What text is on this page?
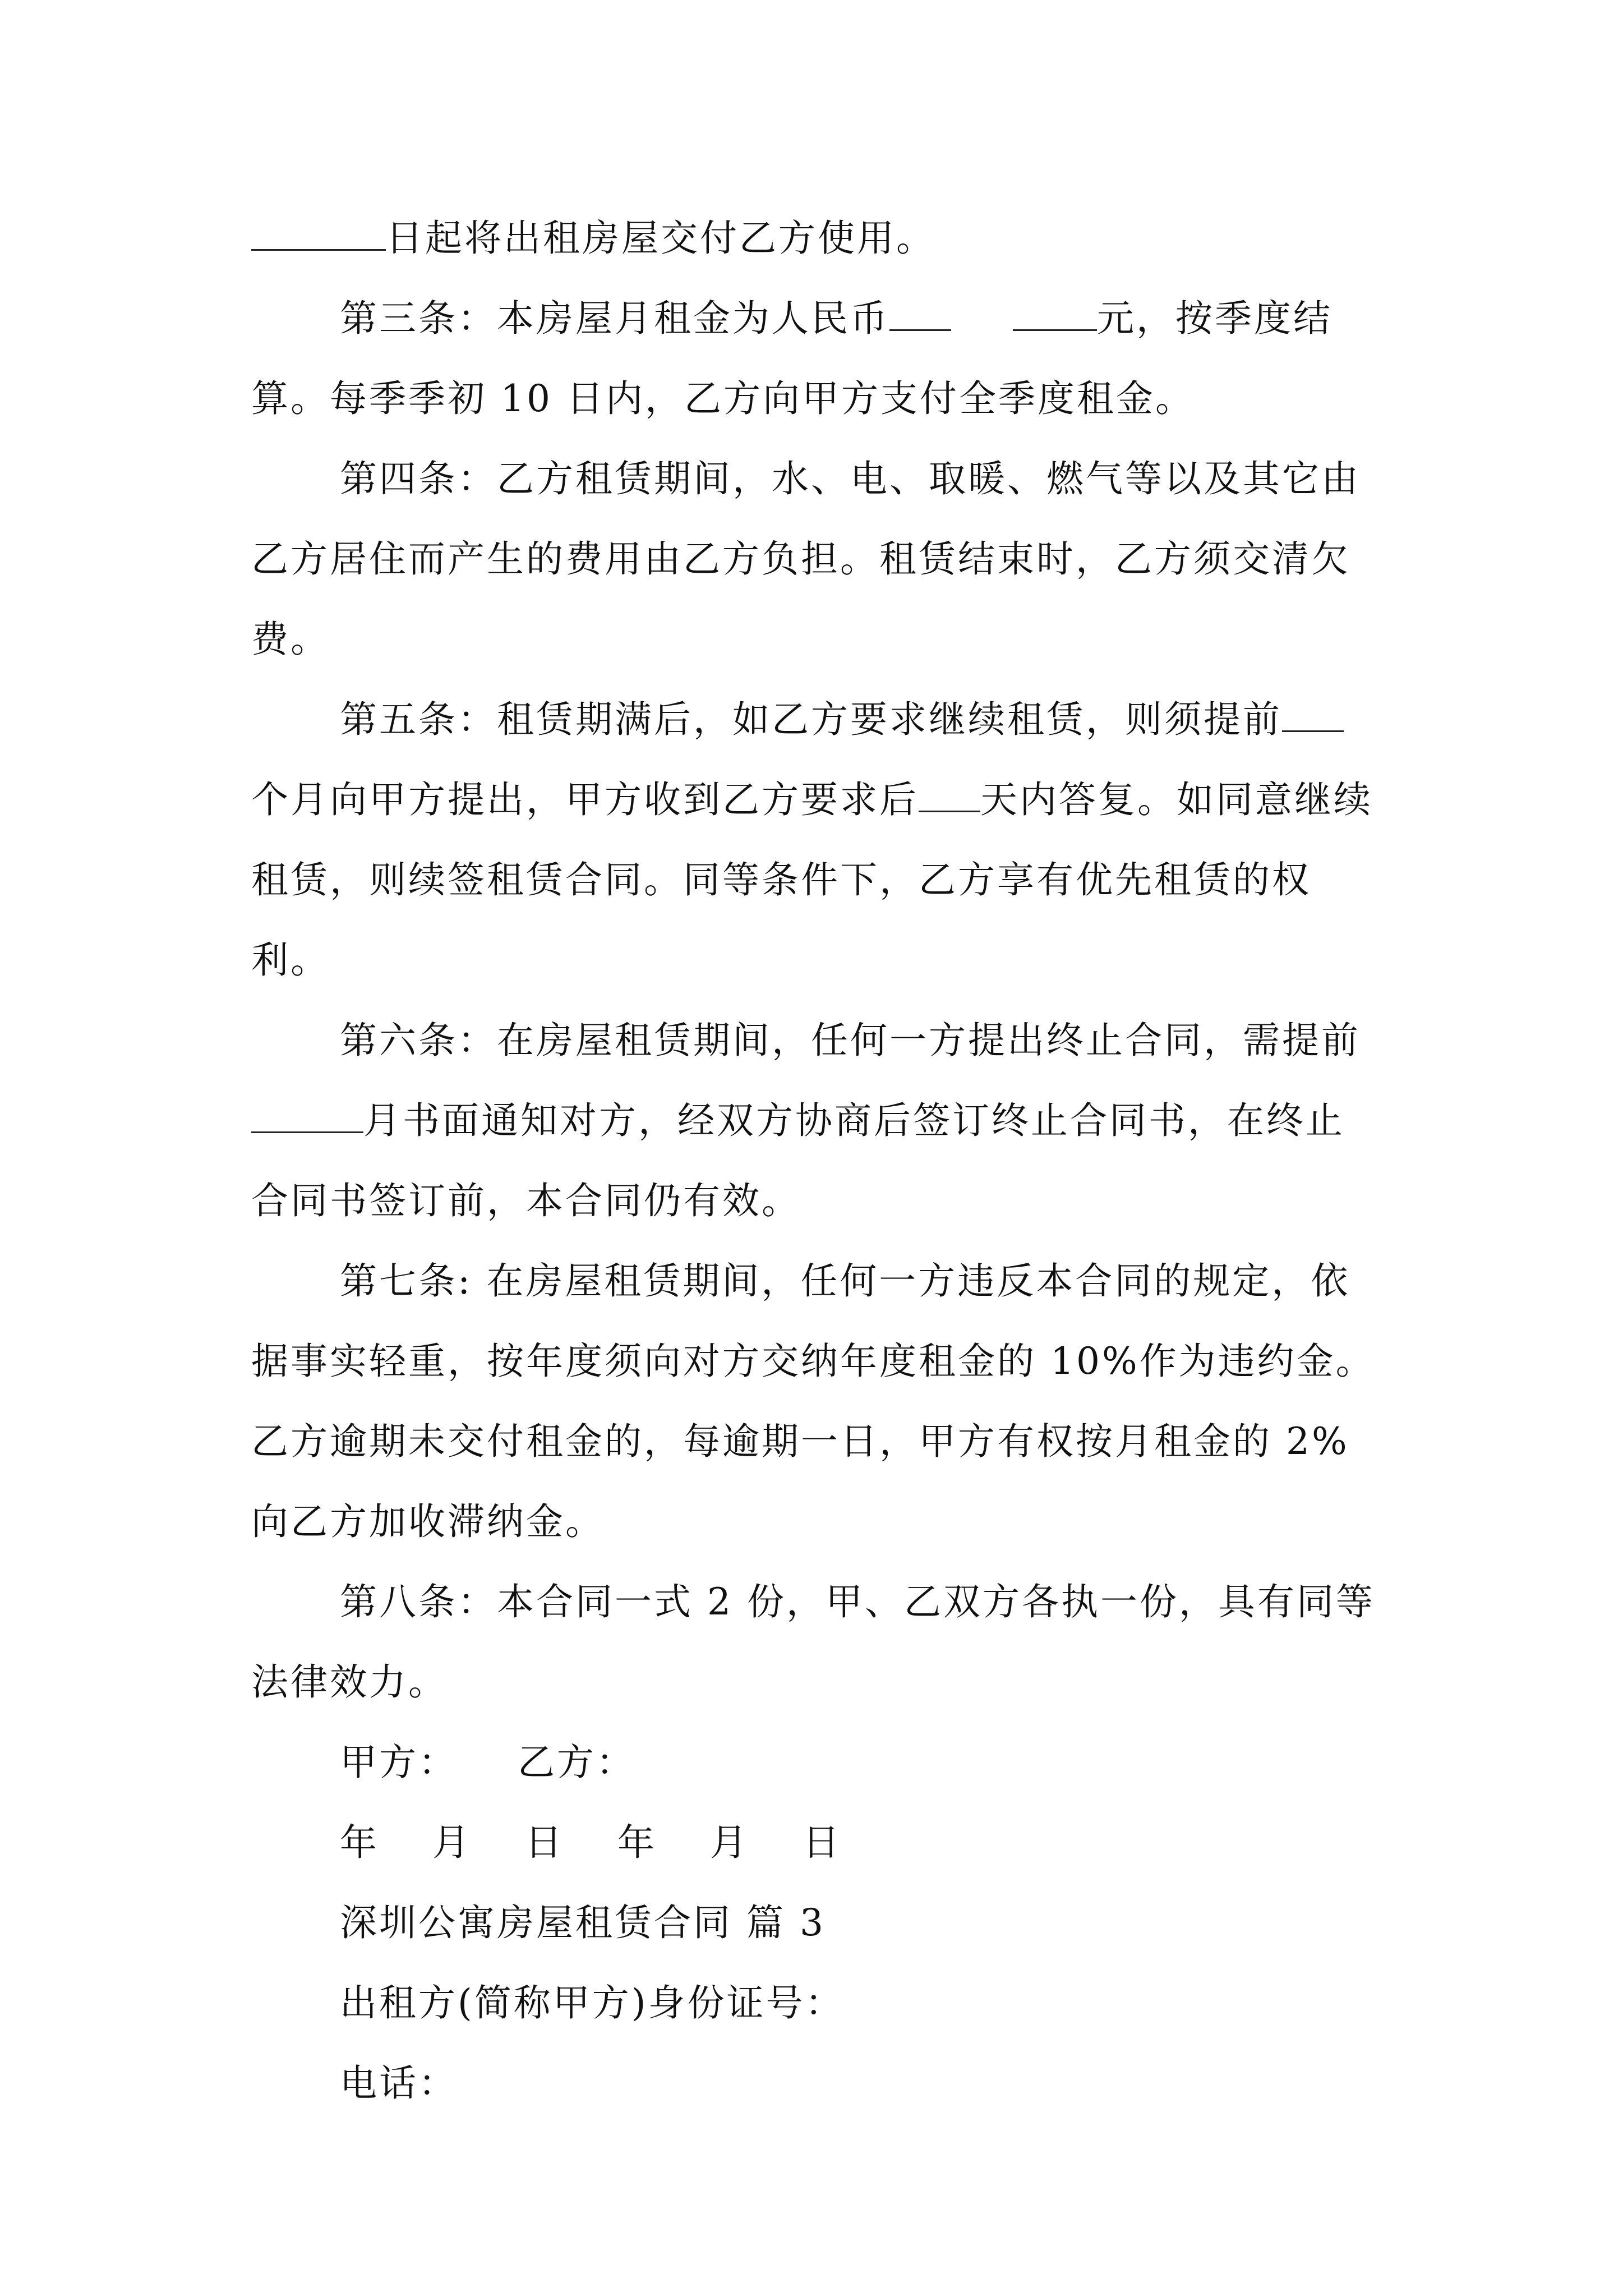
日起将出租房屋交付乙方使用。

第三条：本房屋月租金为人民币	元，按季度结算。每季季初 10 日内，乙方向甲方支付全季度租金。

第四条：乙方租赁期间，水、电、取暖、燃气等以及其它由乙方居住而产生的费用由乙方负担。租赁结束时，乙方须交清欠费。

第五条：租赁期满后，如乙方要求继续租赁，则须提前个月向甲方提出，甲方收到乙方要求后 天内答复。如同意继续租赁，则续签租赁合同。同等条件下，乙方享有优先租赁的权利。

第六条：在房屋租赁期间，任何一方提出终止合同，需提前月书面通知对方，经双方协商后签订终止合同书，在终止合同书签订前，本合同仍有效。

第七条: 在房屋租赁期间，任何一方违反本合同的规定，依据事实轻重，按年度须向对方交纳年度租金的 10%作为违约金。乙方逾期未交付租金的，每逾期一日，甲方有权按月租金的 2%向乙方加收滞纳金。

第八条：本合同一式 2 份，甲、乙双方各执一份，具有同等法律效力。

甲方：　　乙方：

年　 月　 日　 年　 月　 日

深圳公寓房屋租赁合同 篇 3

出租方(简称甲方)身份证号：

电话：
